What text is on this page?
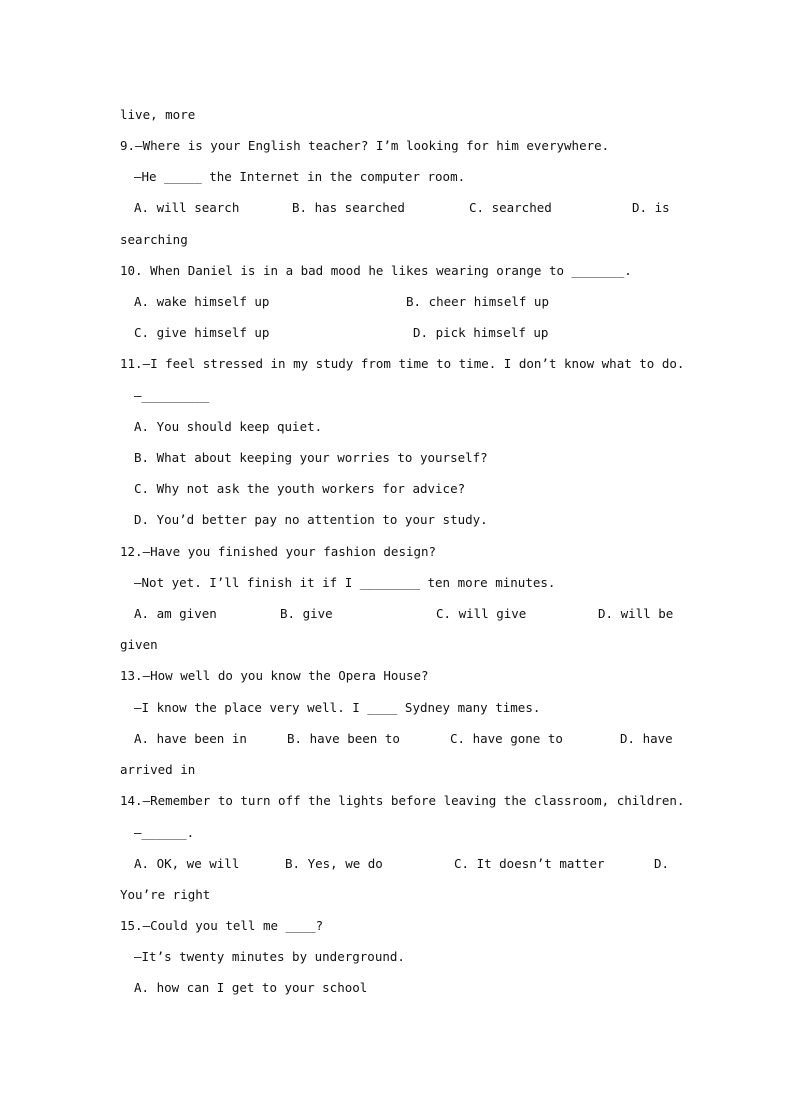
live, more
9.—Where is your English teacher? I’m looking for him everywhere.
—He _____ the Internet in the computer room.
A. will search	B. has searched	C. searched	D. is
searching
10. When Daniel is in a bad mood he likes wearing orange to _______.
A. wake himself up	B. cheer himself up
C. give himself up	D. pick himself up
11.—I feel stressed in my study from time to time. I don’t know what to do.
—_________
A. You should keep quiet.
B. What about keeping your worries to yourself?
C. Why not ask the youth workers for advice?
D. You’d better pay no attention to your study.
12.—Have you finished your fashion design?
—Not yet. I’ll finish it if I ________ ten more minutes.
A. am given	B. give	C. will give	D. will be
given
13.—How well do you know the Opera House?
—I know the place very well. I ____ Sydney many times.
A. have been in	B. have been to	C. have gone to	D. have
arrived in
14.—Remember to turn off the lights before leaving the classroom, children.
—______.
A. OK, we will	B. Yes, we do	C. It doesn’t matter	D.
You’re right
15.—Could you tell me ____?
—It’s twenty minutes by underground.
A. how can I get to your school
